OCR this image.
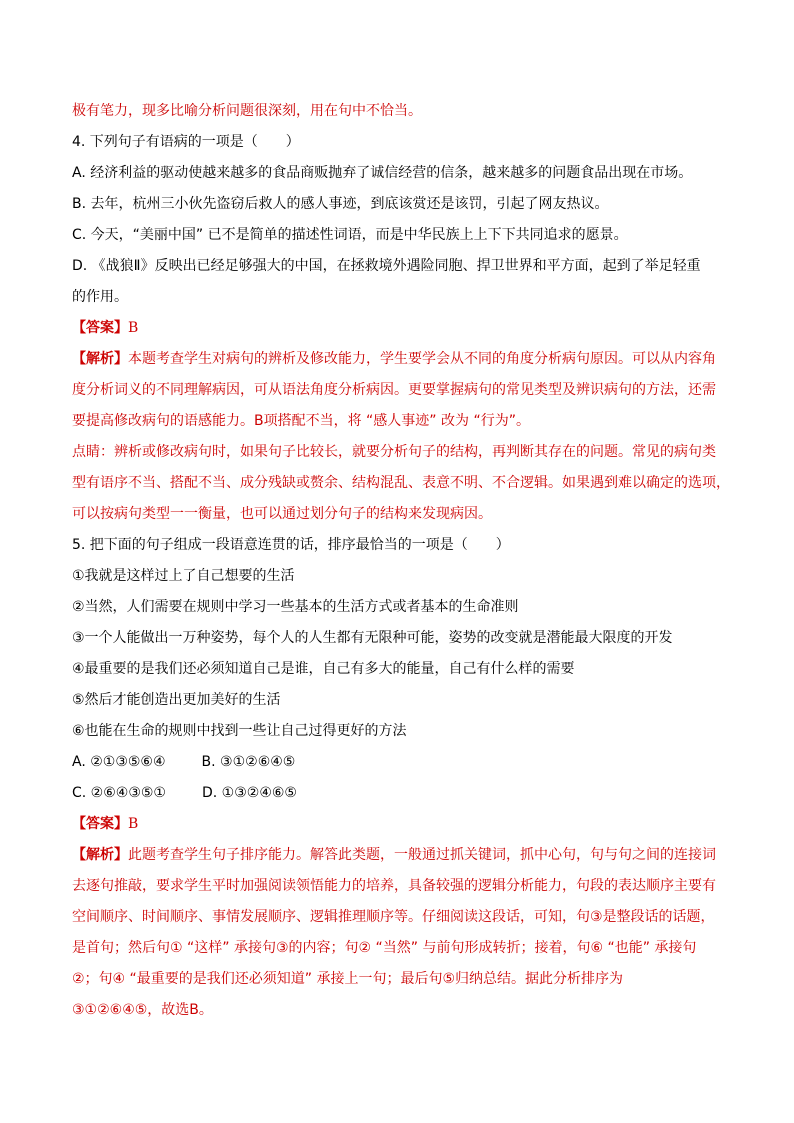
极有笔力，现多比喻分析问题很深刻，用在句中不恰当。
4. 下列句子有语病的一项是（　　）
A. 经济利益的驱动使越来越多的食品商贩抛弃了诚信经营的信条，越来越多的问题食品出现在市场。
B. 去年，杭州三小伙先盗窃后救人的感人事迹，到底该赏还是该罚，引起了网友热议。
C. 今天，“美丽中国” 已不是简单的描述性词语，而是中华民族上上下下共同追求的愿景。
D. 《战狼Ⅱ》反映出已经足够强大的中国，在拯救境外遇险同胞、捍卫世界和平方面，起到了举足轻重
的作用。
【答案】B
【解析】本题考查学生对病句的辨析及修改能力，学生要学会从不同的角度分析病句原因。可以从内容角
度分析词义的不同理解病因，可从语法角度分析病因。更要掌握病句的常见类型及辨识病句的方法，还需
要提高修改病句的语感能力。B项搭配不当，将 “感人事迹” 改为 “行为”。
点睛：辨析或修改病句时，如果句子比较长，就要分析句子的结构，再判断其存在的问题。常见的病句类
型有语序不当、搭配不当、成分残缺或赘余、结构混乱、表意不明、不合逻辑。如果遇到难以确定的选项，
可以按病句类型一一衡量，也可以通过划分句子的结构来发现病因。
5. 把下面的句子组成一段语意连贯的话，排序最恰当的一项是（　　）
①我就是这样过上了自己想要的生活
②当然，人们需要在规则中学习一些基本的生活方式或者基本的生命准则
③一个人能做出一万种姿势，每个人的人生都有无限种可能，姿势的改变就是潜能最大限度的开发
④最重要的是我们还必须知道自己是谁，自己有多大的能量，自己有什么样的需要
⑤然后才能创造出更加美好的生活
⑥也能在生命的规则中找到一些让自己过得更好的方法
A. ②①③⑤⑥④	B. ③①②⑥④⑤
C. ②⑥④③⑤①	D. ①③②④⑥⑤
【答案】B
【解析】此题考查学生句子排序能力。解答此类题，一般通过抓关键词，抓中心句，句与句之间的连接词
去逐句推敲，要求学生平时加强阅读领悟能力的培养，具备较强的逻辑分析能力，句段的表达顺序主要有
空间顺序、时间顺序、事情发展顺序、逻辑推理顺序等。仔细阅读这段话，可知，句③是整段话的话题，
是首句；然后句① “这样” 承接句③的内容；句② “当然” 与前句形成转折；接着，句⑥ “也能” 承接句
②；句④ “最重要的是我们还必须知道” 承接上一句；最后句⑤归纳总结。据此分析排序为
③①②⑥④⑤，故选B。
